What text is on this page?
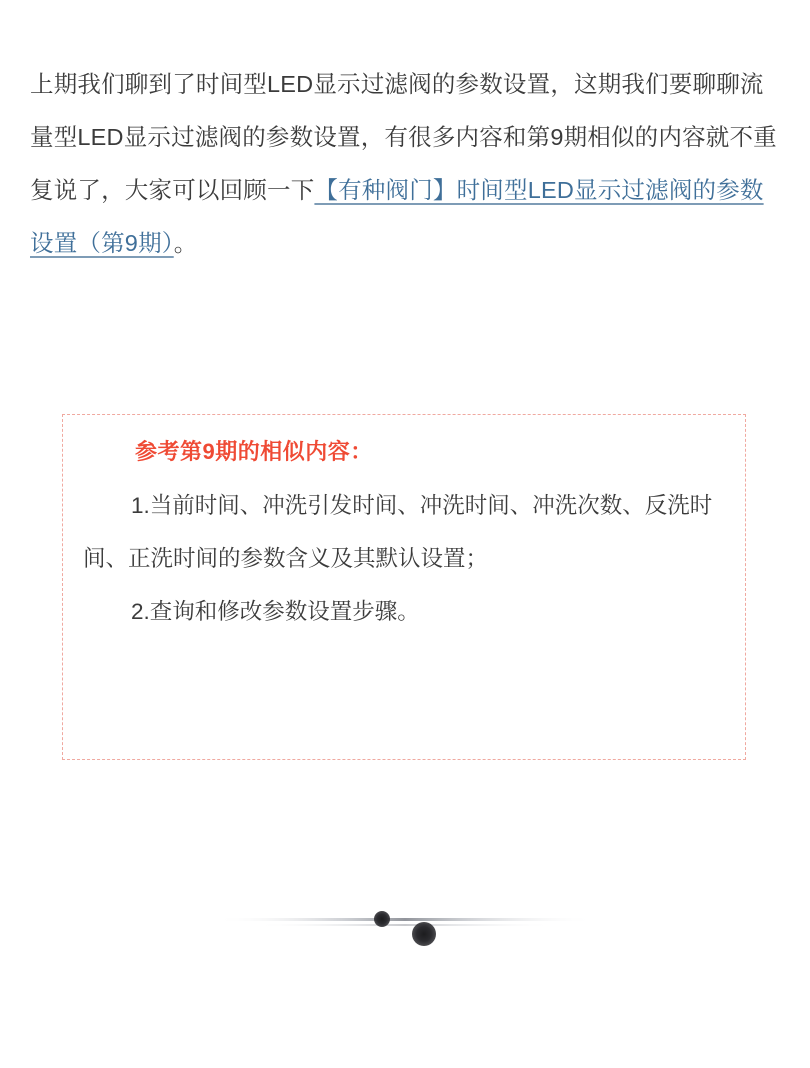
上期我们聊到了时间型LED显示过滤阀的参数设置，这期我们要聊聊流量型LED显示过滤阀的参数设置，有很多内容和第9期相似的内容就不重复说了，大家可以回顾一下【有种阀门】时间型LED显示过滤阀的参数设置（第9期）。

参考第9期的相似内容：
1.当前时间、冲洗引发时间、冲洗时间、冲洗次数、反洗时间、正洗时间的参数含义及其默认设置；
2.查询和修改参数设置步骤。
